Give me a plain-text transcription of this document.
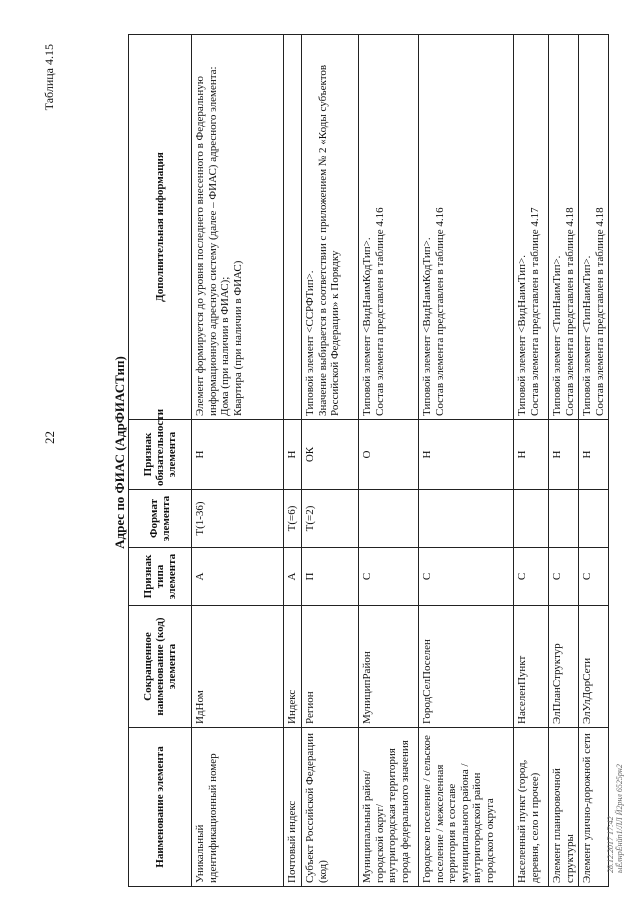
22
Таблица 4.15
Адрес по ФИАС (АдрФИАСТип)
Наименование элемента	Сокращенное наименование (код) элемента	Признак типа элемента	Формат элемента	Признак обязательности элемента	Дополнительная информация
Уникальный идентификационный номер	ИдНом	А	T(1-36)	Н	Элемент формируется до уровня последнего внесенного в Федеральную информационную адресную систему (далее – ФИАС) адресного элемента: Дома (при наличии в ФИАС); Квартира (при наличии в ФИАС)

Почтовый индекс	Индекс	А	T(=6)	Н	
Субъект Российской Федерации (код)	Регион	П	T(=2)	ОК	Типовой элемент <ССРФТип>. Значение выбирается в соответствии с приложением № 2 «Коды субъектов Российской Федерации» к Порядку

Муниципальный район/ городской округ/ внутригородская территория города федерального значения	МуниципРайон	С		О	Типовой элемент <ВидНаимКодТип>. Состав элемента представлен в таблице 4.16

Городское поселение / сельское поселение / межселенная территория в составе муниципального района / внутригородской район городского округа	ГородСелПоселен	С		Н	Типовой элемент <ВидНаимКодТип>. Состав элемента представлен в таблице 4.16

Населенный пункт (город, деревня, село и прочее)	НаселенПункт	С		Н	Типовой элемент <ВидНаимТип>. Состав элемента представлен в таблице 4.17

Элемент планировочной структуры	ЭлПланСтруктур	С		Н	Типовой элемент <ТипНаимТип>. Состав элемента представлен в таблице 4.18

Элемент улично-дорожной сети	ЭлУлДорСети	С		Н	Типовой элемент <ТипНаимТип>. Состав элемента представлен в таблице 4.18
28.12.2017 17:42 ыЁлнрЁнйп1/ЛЛ Й2рнл 6525рн2
